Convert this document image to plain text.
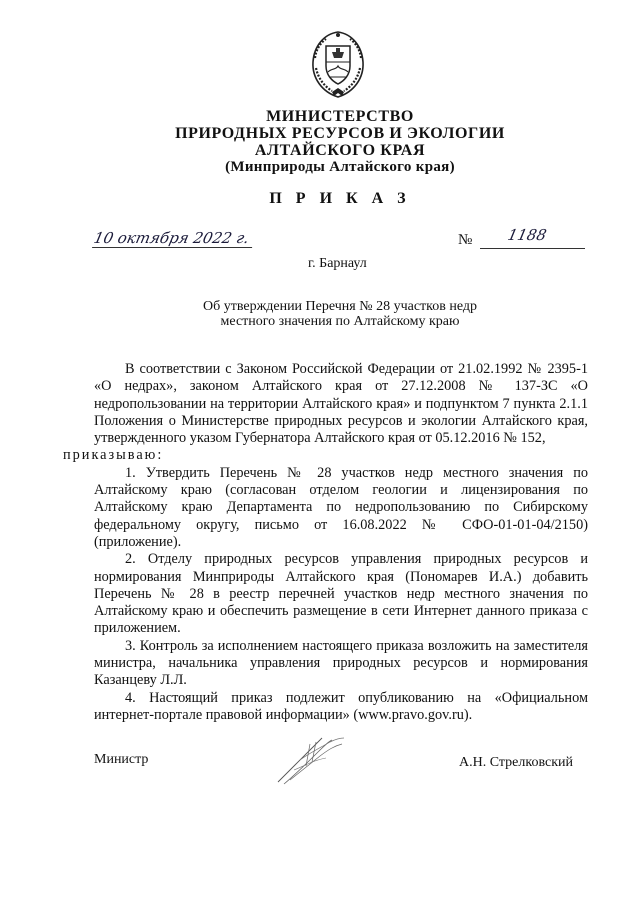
МИНИСТЕРСТВО
ПРИРОДНЫХ РЕСУРСОВ И ЭКОЛОГИИ
АЛТАЙСКОГО КРАЯ
(Минприроды Алтайского края)
П Р И К А З
10 октября 2022 г.	№ 1188
г. Барнаул
Об утверждении Перечня № 28 участков недр
местного значения по Алтайскому краю

В соответствии с Законом Российской Федерации от 21.02.1992 № 2395-1 «О недрах», законом Алтайского края от 27.12.2008 № 137-ЗС «О недропользовании на территории Алтайского края» и подпунктом 7 пункта 2.1.1 Положения о Министерстве природных ресурсов и экологии Алтайского края, утвержденного указом Губернатора Алтайского края от 05.12.2016 № 152,
приказываю:

1. Утвердить Перечень № 28 участков недр местного значения по Алтайскому краю (согласован отделом геологии и лицензирования по Алтайскому краю Департамента по недропользованию по Сибирскому федеральному округу, письмо от 16.08.2022 № СФО-01-01-04/2150) (приложение).

2. Отделу природных ресурсов управления природных ресурсов и нормирования Минприроды Алтайского края (Пономарев И.А.) добавить Перечень № 28 в реестр перечней участков недр местного значения по Алтайскому краю и обеспечить размещение в сети Интернет данного приказа с приложением.

3. Контроль за исполнением настоящего приказа возложить на заместителя министра, начальника управления природных ресурсов и нормирования Казанцеву Л.Л.

4. Настоящий приказ подлежит опубликованию на «Официальном интернет-портале правовой информации» (www.pravo.gov.ru).

Министр	А.Н. Стрелковский
